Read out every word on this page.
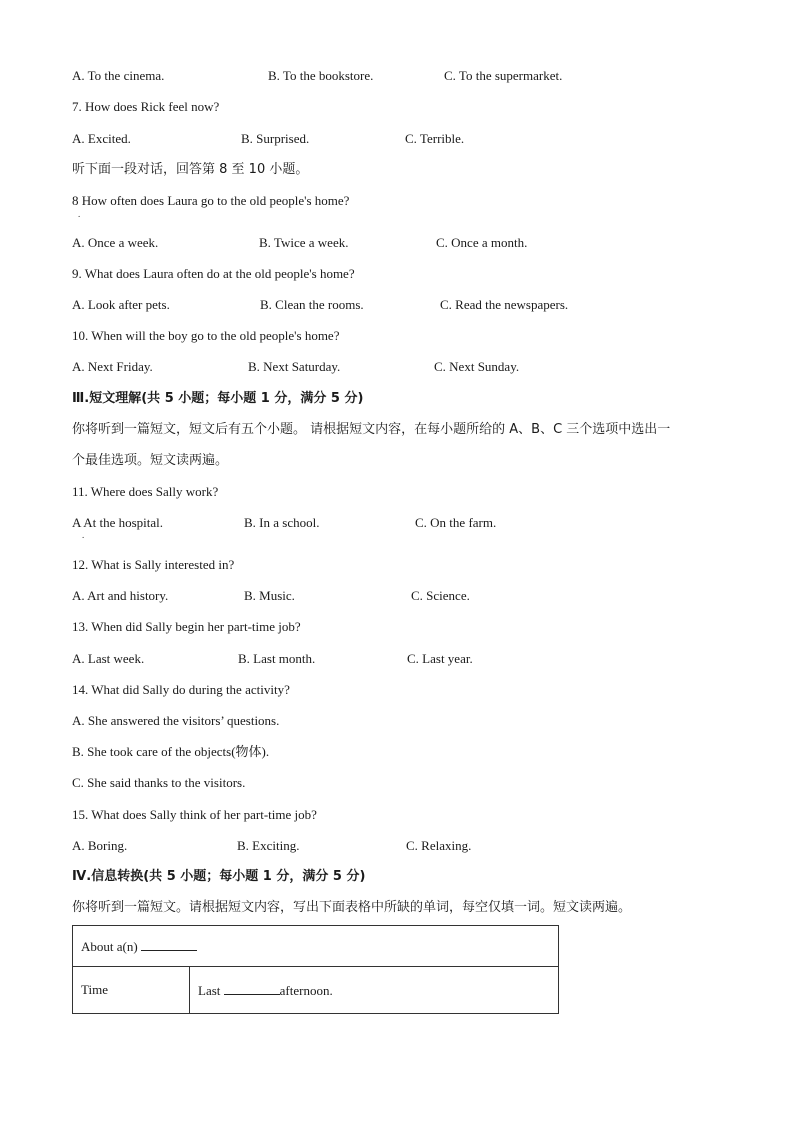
A. To the cinema.	B. To the bookstore.	C. To the supermarket.
7. How does Rick feel now?
A. Excited.	B. Surprised.	C. Terrible.
听下面一段对话，回答第 8 至 10 小题。
8 How often does Laura go to the old people's home?
.
A. Once a week.	B. Twice a week.	C. Once a month.
9. What does Laura often do at the old people's home?
A. Look after pets.	B. Clean the rooms.	C. Read the newspapers.
10. When will the boy go to the old people's home?
A. Next Friday.	B. Next Saturday.	C. Next Sunday.
Ⅲ.短文理解(共 5 小题；每小题 1 分，满分 5 分)
你将听到一篇短文，短文后有五个小题。 请根据短文内容，在每小题所给的 A、B、C 三个选项中选出一
个最佳选项。短文读两遍。
11. Where does Sally work?
A At the hospital.
.
B. In a school.	C. On the farm.
12. What is Sally interested in?
A. Art and history.	B. Music.	C. Science.
13. When did Sally begin her part-time job?
A. Last week.	B. Last month.	C. Last year.
14. What did Sally do during the activity?
A. She answered the visitors’ questions.
B. She took care of the objects(物体).
C. She said thanks to the visitors.
15. What does Sally think of her part-time job?
A. Boring.	B. Exciting.	C. Relaxing.
Ⅳ.信息转换(共 5 小题；每小题 1 分，满分 5 分)
你将听到一篇短文。请根据短文内容，写出下面表格中所缺的单词，每空仅填一词。短文读两遍。
About a(n)
Time	Last	afternoon.
